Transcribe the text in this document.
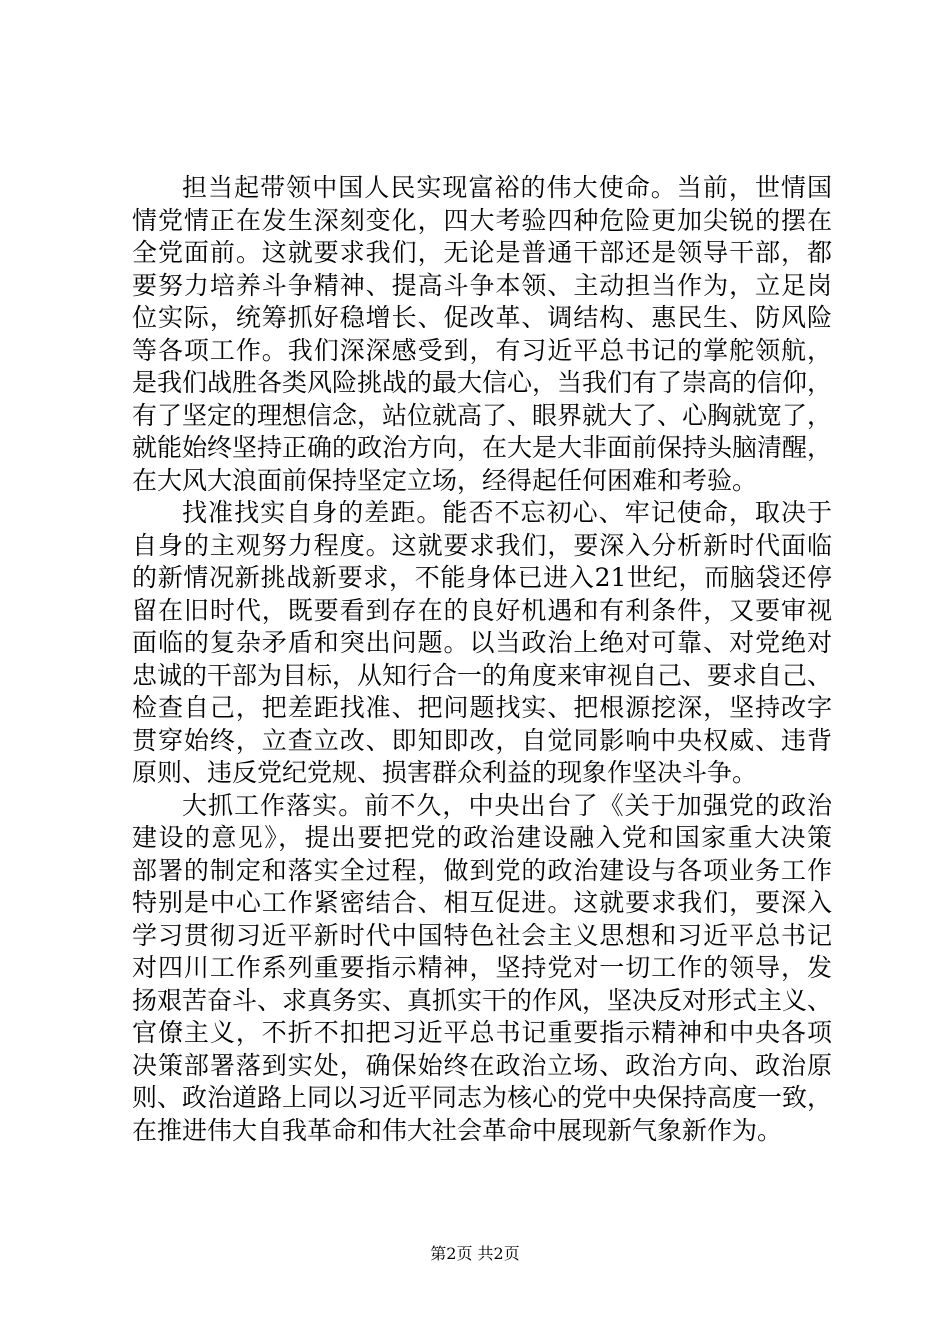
担当起带领中国人民实现富裕的伟大使命。当前，世情国
情党情正在发生深刻变化，四大考验四种危险更加尖锐的摆在
全党面前。这就要求我们，无论是普通干部还是领导干部，都
要努力培养斗争精神、提高斗争本领、主动担当作为，立足岗
位实际，统筹抓好稳增长、促改革、调结构、惠民生、防风险
等各项工作。我们深深感受到，有习近平总书记的掌舵领航，
是我们战胜各类风险挑战的最大信心，当我们有了崇高的信仰，
有了坚定的理想信念，站位就高了、眼界就大了、心胸就宽了，
就能始终坚持正确的政治方向，在大是大非面前保持头脑清醒，
在大风大浪面前保持坚定立场，经得起任何困难和考验。
找准找实自身的差距。能否不忘初心、牢记使命，取决于
自身的主观努力程度。这就要求我们，要深入分析新时代面临
的新情况新挑战新要求，不能身体已进入21世纪，而脑袋还停
留在旧时代，既要看到存在的良好机遇和有利条件，又要审视
面临的复杂矛盾和突出问题。以当政治上绝对可靠、对党绝对
忠诚的干部为目标，从知行合一的角度来审视自己、要求自己、
检查自己，把差距找准、把问题找实、把根源挖深，坚持改字
贯穿始终，立查立改、即知即改，自觉同影响中央权威、违背
原则、违反党纪党规、损害群众利益的现象作坚决斗争。
大抓工作落实。前不久，中央出台了《关于加强党的政治
建设的意见》，提出要把党的政治建设融入党和国家重大决策
部署的制定和落实全过程，做到党的政治建设与各项业务工作
特别是中心工作紧密结合、相互促进。这就要求我们，要深入
学习贯彻习近平新时代中国特色社会主义思想和习近平总书记
对四川工作系列重要指示精神，坚持党对一切工作的领导，发
扬艰苦奋斗、求真务实、真抓实干的作风，坚决反对形式主义、
官僚主义，不折不扣把习近平总书记重要指示精神和中央各项
决策部署落到实处，确保始终在政治立场、政治方向、政治原
则、政治道路上同以习近平同志为核心的党中央保持高度一致，
在推进伟大自我革命和伟大社会革命中展现新气象新作为。
第2页 共2页
